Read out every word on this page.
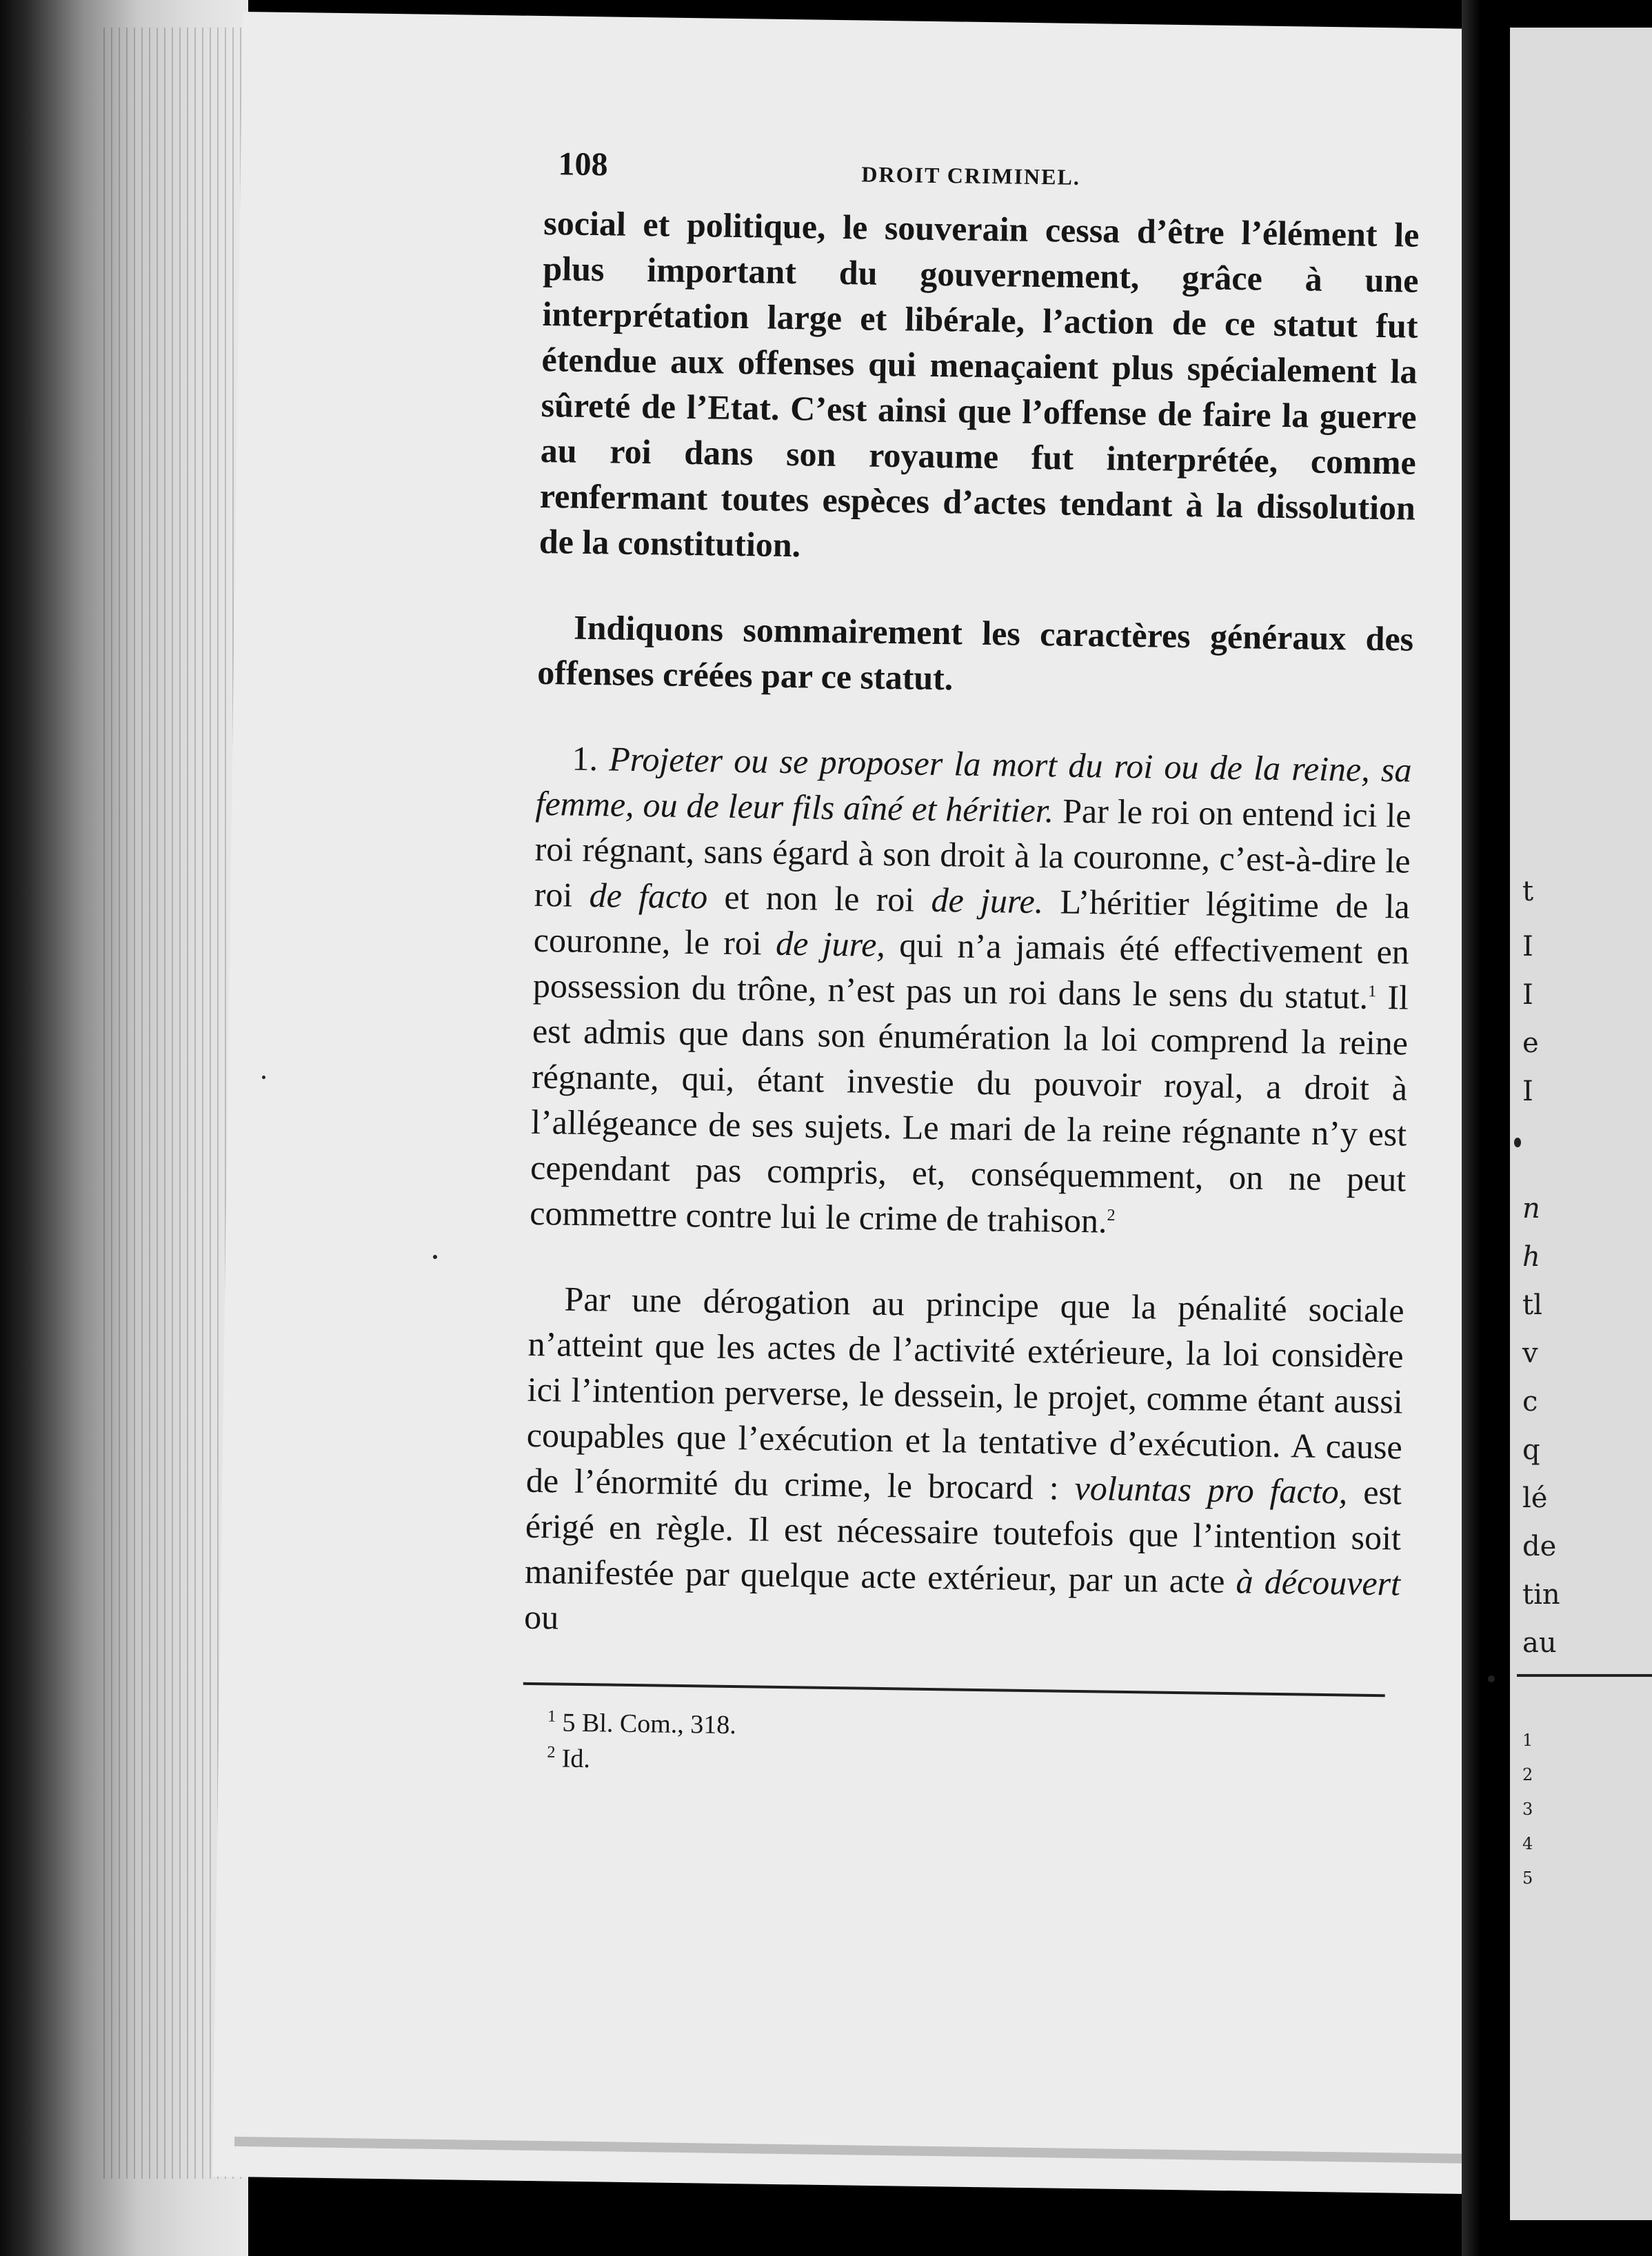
t
I
I
e
I
n
h
tl
v
c
q
lé
de
tin
au
1
2
3
4
5
108	DROIT CRIMINEL.

social et politique, le souverain cessa d’être l’élément le plus important du gouvernement, grâce à une interprétation large et libérale, l’action de ce statut fut étendue aux offenses qui menaçaient plus spécialement la sûreté de l’Etat. C’est ainsi que l’offense de faire la guerre au roi dans son royaume fut interprétée, comme renfermant toutes espèces d’actes tendant à la dissolution de la constitution.

Indiquons sommairement les caractères généraux des offenses créées par ce statut.

1. Projeter ou se proposer la mort du roi ou de la reine, sa femme, ou de leur fils aîné et héritier. Par le roi on entend ici le roi régnant, sans égard à son droit à la couronne, c’est-à-dire le roi de facto et non le roi de jure. L’héritier légitime de la couronne, le roi de jure, qui n’a jamais été effectivement en possession du trône, n’est pas un roi dans le sens du statut.$^1$ Il est admis que dans son énumération la loi comprend la reine régnante, qui, étant investie du pouvoir royal, a droit à l’allégeance de ses sujets. Le mari de la reine régnante n’y est cependant pas compris, et, conséquemment, on ne peut commettre contre lui le crime de trahison.$^2$

Par une dérogation au principe que la pénalité sociale n’atteint que les actes de l’activité extérieure, la loi considère ici l’intention perverse, le dessein, le projet, comme étant aussi coupables que l’exécution et la tentative d’exécution. A cause de l’énormité du crime, le brocard : voluntas pro facto, est érigé en règle. Il est nécessaire toutefois que l’intention soit manifestée par quelque acte extérieur, par un acte à découvert ou

$^1$ 5 Bl. Com., 318.
$^2$ Id.
